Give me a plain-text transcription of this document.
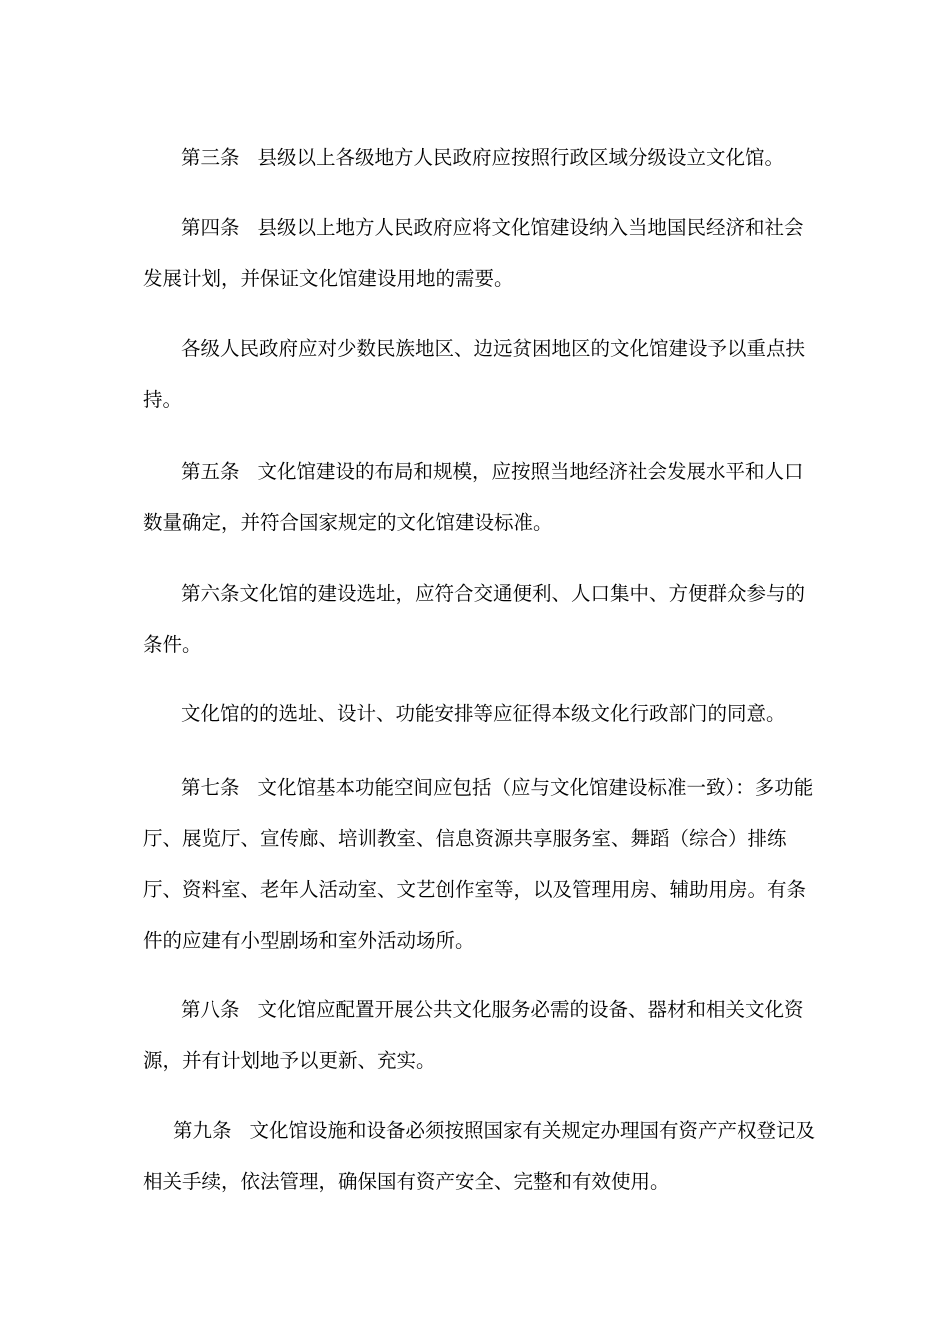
第三条 县级以上各级地方人民政府应按照行政区域分级设立文化馆。

第四条 县级以上地方人民政府应将文化馆建设纳入当地国民经济和社会发展计划，并保证文化馆建设用地的需要。

各级人民政府应对少数民族地区、边远贫困地区的文化馆建设予以重点扶持。

第五条 文化馆建设的布局和规模，应按照当地经济社会发展水平和人口数量确定，并符合国家规定的文化馆建设标准。

第六条文化馆的建设选址，应符合交通便利、人口集中、方便群众参与的条件。

文化馆的的选址、设计、功能安排等应征得本级文化行政部门的同意。

第七条 文化馆基本功能空间应包括（应与文化馆建设标准一致）：多功能厅、展览厅、宣传廊、培训教室、信息资源共享服务室、舞蹈（综合）排练厅、资料室、老年人活动室、文艺创作室等，以及管理用房、辅助用房。有条件的应建有小型剧场和室外活动场所。

第八条 文化馆应配置开展公共文化服务必需的设备、器材和相关文化资源，并有计划地予以更新、充实。

第九条 文化馆设施和设备必须按照国家有关规定办理国有资产产权登记及相关手续，依法管理，确保国有资产安全、完整和有效使用。
